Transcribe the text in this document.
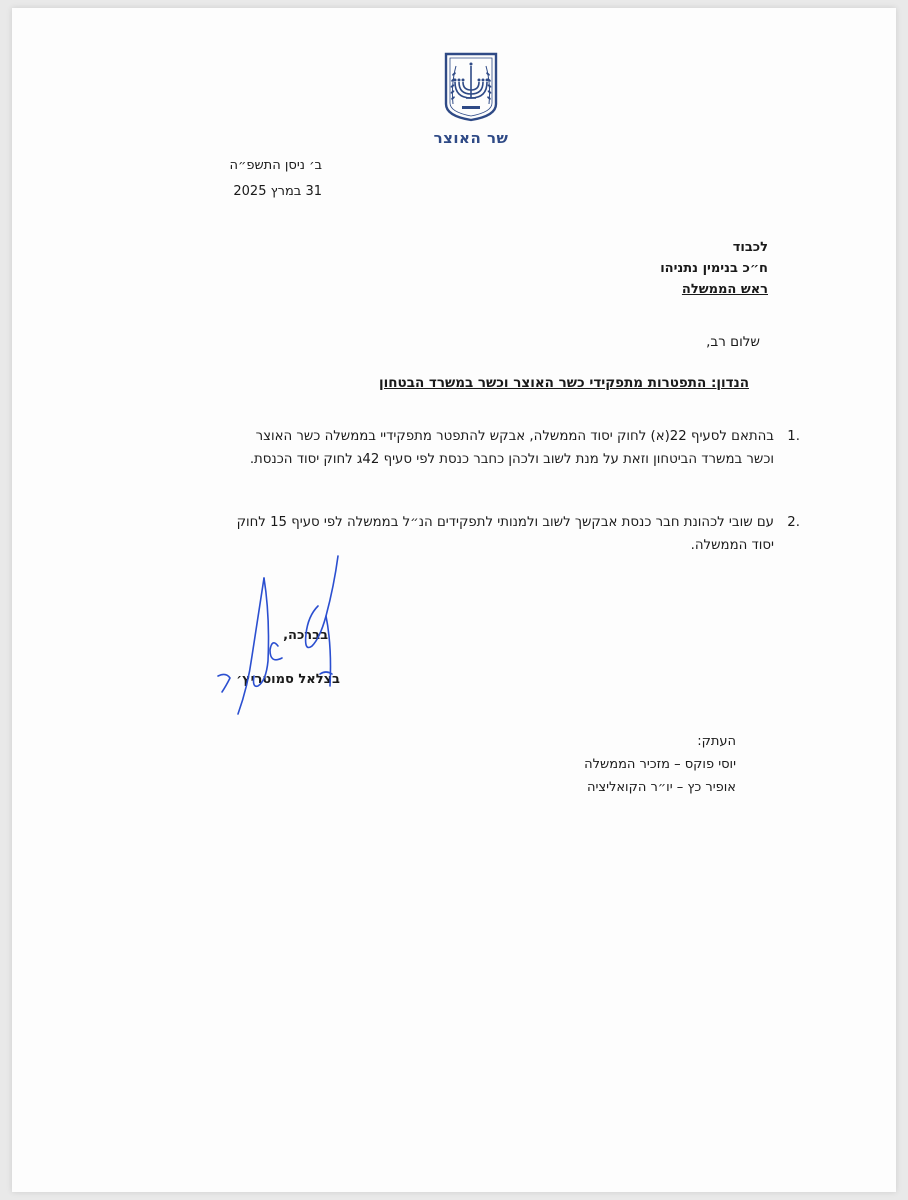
שר האוצר
ב׳ ניסן התשפ״ה
31 במרץ 2025
לכבוד
ח״כ בנימין נתניהו
ראש הממשלה
שלום רב,
הנדון: התפטרות מתפקידי כשר האוצר וכשר במשרד הבטחון
.1
בהתאם לסעיף 22(א) לחוק יסוד הממשלה, אבקש להתפטר מתפקידיי בממשלה כשר האוצר
וכשר במשרד הביטחון וזאת על מנת לשוב ולכהן כחבר כנסת לפי סעיף 42ג לחוק יסוד הכנסת.
.2
עם שובי לכהונת חבר כנסת אבקשך לשוב ולמנותי לתפקידים הנ״ל בממשלה לפי סעיף 15 לחוק
יסוד הממשלה.
בברכה,
בצלאל סמוטריץ׳
העתק:
יוסי פוקס – מזכיר הממשלה
אופיר כץ – יו״ר הקואליציה
